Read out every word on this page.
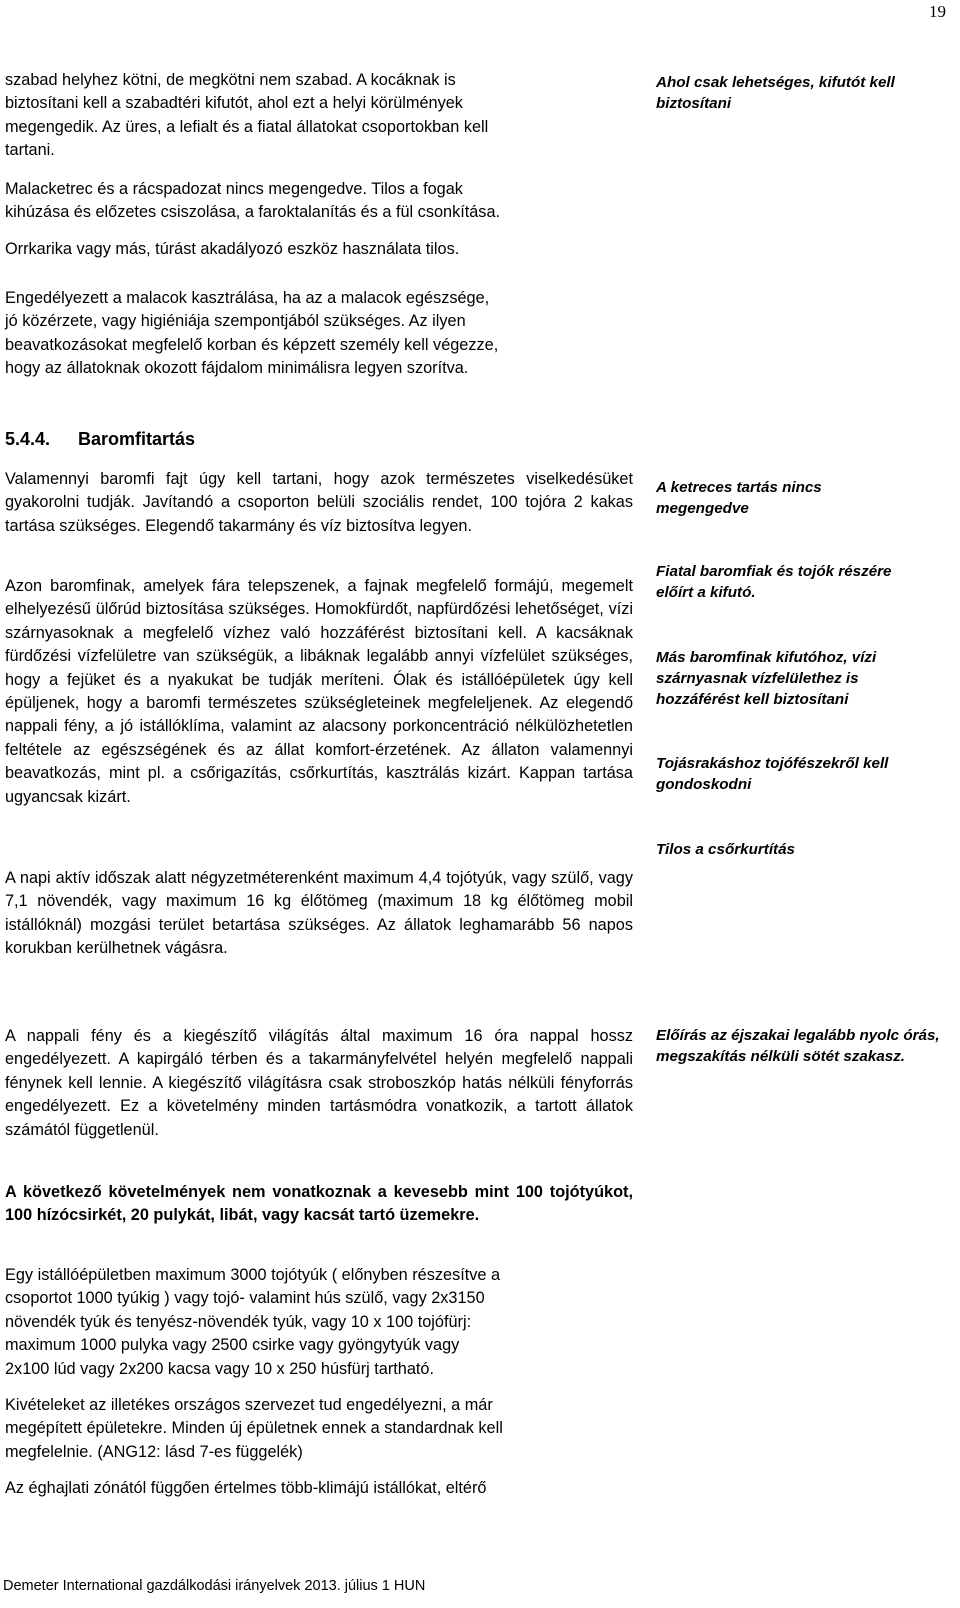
19

szabad helyhez kötni, de megkötni nem szabad. A kocáknak is

biztosítani kell a szabadtéri kifutót, ahol ezt a helyi körülmények

megengedik. Az üres, a lefialt és a fiatal állatokat csoportokban kell

tartani.

Malacketrec és a rácspadozat nincs megengedve. Tilos a fogak

kihúzása és előzetes csiszolása, a faroktalanítás és a fül csonkítása.

Orrkarika vagy más, túrást akadályozó eszköz használata tilos.

Engedélyezett a malacok kasztrálása, ha az a malacok egészsége,

jó közérzete, vagy higiéniája szempontjából szükséges. Az ilyen

beavatkozásokat megfelelő korban és képzett személy kell végezze,

hogy az állatoknak okozott fájdalom minimálisra legyen szorítva.

5.4.4. Baromfitartás

Valamennyi baromfi fajt úgy kell tartani, hogy azok természetes viselkedésüket gyakorolni tudják. Javítandó a csoporton belüli szociális rendet, 100 tojóra 2 kakas tartása szükséges. Elegendő takarmány és víz biztosítva legyen.

Azon baromfinak, amelyek fára telepszenek, a fajnak megfelelő formájú, megemelt elhelyezésű ülőrúd biztosítása szükséges. Homokfürdőt, napfürdőzési lehetőséget, vízi szárnyasoknak a megfelelő vízhez való hozzáférést biztosítani kell. A kacsáknak fürdőzési vízfelületre van szükségük, a libáknak legalább annyi vízfelület szükséges, hogy a fejüket és a nyakukat be tudják meríteni. Ólak és istállóépületek úgy kell épüljenek, hogy a baromfi természetes szükségleteinek megfeleljenek. Az elegendő nappali fény, a jó istállóklíma, valamint az alacsony porkoncentráció nélkülözhetetlen feltétele az egészségének és az állat komfort-érzetének. Az állaton valamennyi beavatkozás, mint pl. a csőrigazítás, csőrkurtítás, kasztrálás kizárt. Kappan tartása ugyancsak kizárt.

A napi aktív időszak alatt négyzetméterenként maximum 4,4 tojótyúk, vagy szülő, vagy 7,1 növendék, vagy maximum 16 kg élőtömeg (maximum 18 kg élőtömeg mobil istállóknál) mozgási terület betartása szükséges. Az állatok leghamarább 56 napos korukban kerülhetnek vágásra.

A nappali fény és a kiegészítő világítás által maximum 16 óra nappal hossz engedélyezett. A kapirgáló térben és a takarmányfelvétel helyén megfelelő nappali fénynek kell lennie. A kiegészítő világításra csak stroboszkóp hatás nélküli fényforrás engedélyezett. Ez a követelmény minden tartásmódra vonatkozik, a tartott állatok számától függetlenül.

A következő követelmények nem vonatkoznak a kevesebb mint 100 tojótyúkot, 100 hízócsirkét, 20 pulykát, libát, vagy kacsát tartó üzemekre.

Egy istállóépületben maximum 3000 tojótyúk ( előnyben részesítve a

csoportot 1000 tyúkig ) vagy tojó- valamint hús szülő, vagy 2x3150

növendék tyúk és tenyész-növendék tyúk, vagy 10 x 100 tojófürj:

maximum 1000 pulyka vagy 2500 csirke vagy gyöngytyúk vagy

2x100 lúd vagy 2x200 kacsa vagy 10 x 250 húsfürj tartható.

Kivételeket az illetékes országos szervezet tud engedélyezni, a már

megépített épületekre. Minden új épületnek ennek a standardnak kell

megfelelnie. (ANG12: lásd 7-es függelék)

Az éghajlati zónától függően értelmes több-klimájú istállókat, eltérő

Ahol csak lehetséges, kifutót kell biztosítani
A ketreces tartás nincs megengedve
Fiatal baromfiak és tojók részére előírt a kifutó.
Más baromfinak kifutóhoz, vízi szárnyasnak vízfelülethez is hozzáférést kell biztosítani
Tojásrakáshoz tojófészekről kell gondoskodni
Tilos a csőrkurtítás
Előírás az éjszakai legalább nyolc órás, megszakítás nélküli sötét szakasz.
Demeter International gazdálkodási irányelvek 2013. július 1 HUN
